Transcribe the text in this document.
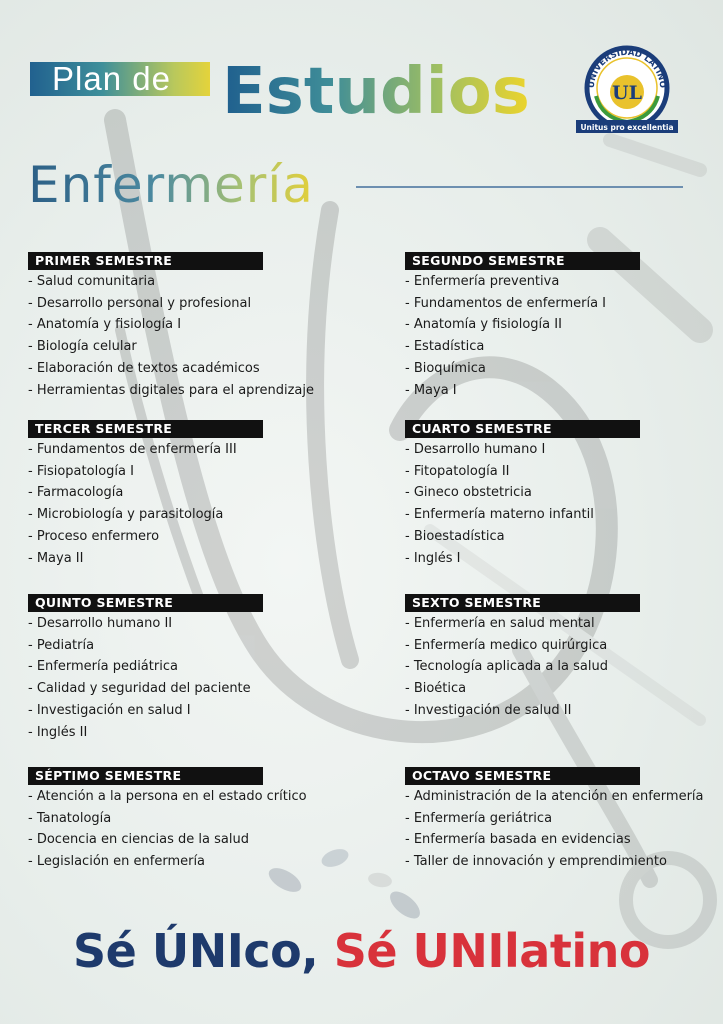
Plan de Estudios	UNIVERSIDAD LATINO
UL
Unitus pro excellentia
Enfermería
PRIMER SEMESTRE
- Salud comunitaria
- Desarrollo personal y profesional
- Anatomía y fisiología I
- Biología celular
- Elaboración de textos académicos
- Herramientas digitales para el aprendizaje
SEGUNDO SEMESTRE
- Enfermería preventiva
- Fundamentos de enfermería I
- Anatomía y fisiología II
- Estadística
- Bioquímica
- Maya I
TERCER SEMESTRE
- Fundamentos de enfermería III
- Fisiopatología I
- Farmacología
- Microbiología y parasitología
- Proceso enfermero
- Maya II
CUARTO SEMESTRE
- Desarrollo humano I
- Fitopatología II
- Gineco obstetricia
- Enfermería materno infantil
- Bioestadística
- Inglés I
QUINTO SEMESTRE
- Desarrollo humano II
- Pediatría
- Enfermería pediátrica
- Calidad y seguridad del paciente
- Investigación en salud I
- Inglés II
SEXTO SEMESTRE
- Enfermería en salud mental
- Enfermería medico quirúrgica
- Tecnología aplicada a la salud
- Bioética
- Investigación de salud II
SÉPTIMO SEMESTRE
- Atención a la persona en el estado crítico
- Tanatología
- Docencia en ciencias de la salud
- Legislación en enfermería
OCTAVO SEMESTRE
- Administración de la atención en enfermería
- Enfermería geriátrica
- Enfermería basada en evidencias
- Taller de innovación y emprendimiento
Sé ÚNIco, Sé UNIlatino
